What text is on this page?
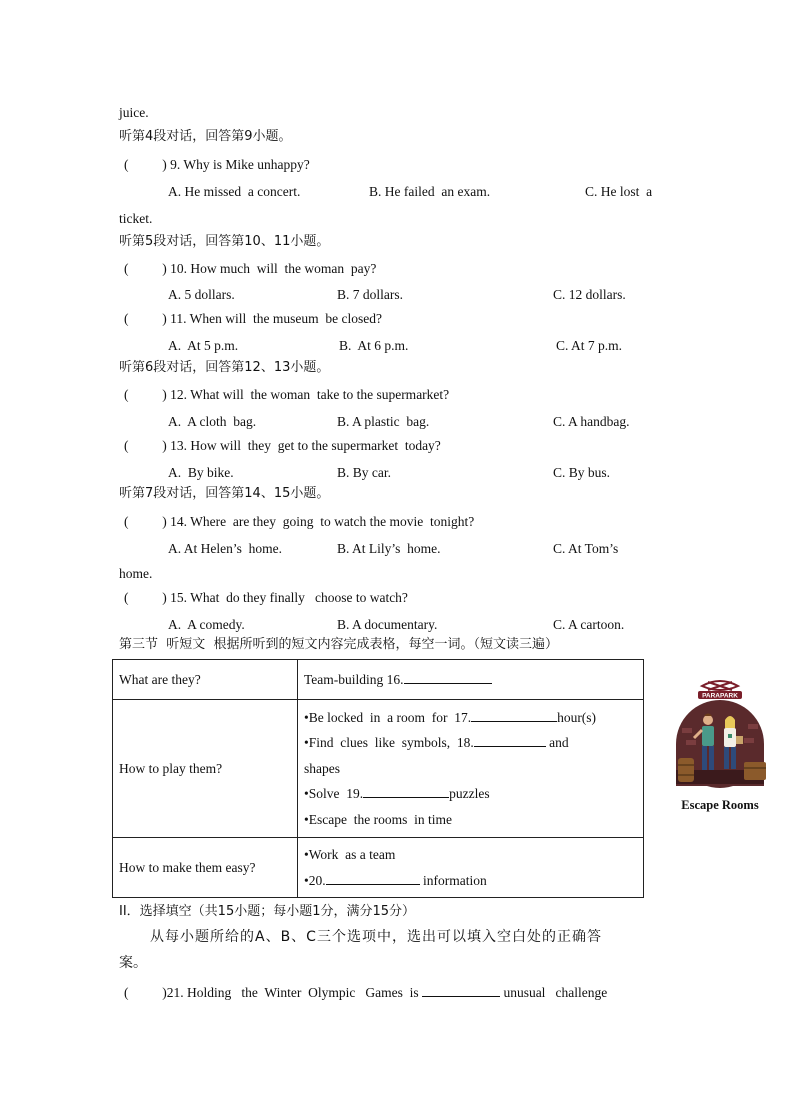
juice.
听第4段对话，回答第9小题。
(          ) 9. Why is Mike unhappy?
A. He missed  a concert.	B. He failed  an exam.	C. He lost  a
ticket.
听第5段对话，回答第10、11小题。
(          ) 10. How much  will  the woman  pay?
A. 5 dollars.	B. 7 dollars.	C. 12 dollars.
(          ) 11. When will  the museum  be closed?
A.  At 5 p.m.	B.  At 6 p.m.	C. At 7 p.m.
听第6段对话，回答第12、13小题。
(          ) 12. What will  the woman  take to the supermarket?
A.  A cloth  bag.	B. A plastic  bag.	C. A handbag.
(          ) 13. How will  they  get to the supermarket  today?
A.  By bike.	B. By car.	C. By bus.
听第7段对话，回答第14、15小题。
(          ) 14. Where  are they  going  to watch the movie  tonight?
A. At Helen’s  home.	B. At Lily’s  home.	C. At Tom’s
home.
(          ) 15. What  do they finally   choose to watch?
A.  A comedy.	B. A documentary.	C. A cartoon.
第三节  听短文  根据所听到的短文内容完成表格，每空一词。（短文读三遍）
What are they?	Team-building 16.
How to play them?	•Be locked  in  a room  for  17. hour(s)
•Find  clues  like  symbols,  18. and
shapes
•Solve  19. puzzles
•Escape  the rooms  in time

How to make them easy?	•Work  as a team
•20. information
PARAPARK
Escape Rooms
II．选择填空（共15小题；每小题1分，满分15分）
从每小题所给的A、B、C三个选项中，选出可以填入空白处的正确答
案。
(          )21. Holding   the  Winter  Olympic   Games  is	unusual   challenge
